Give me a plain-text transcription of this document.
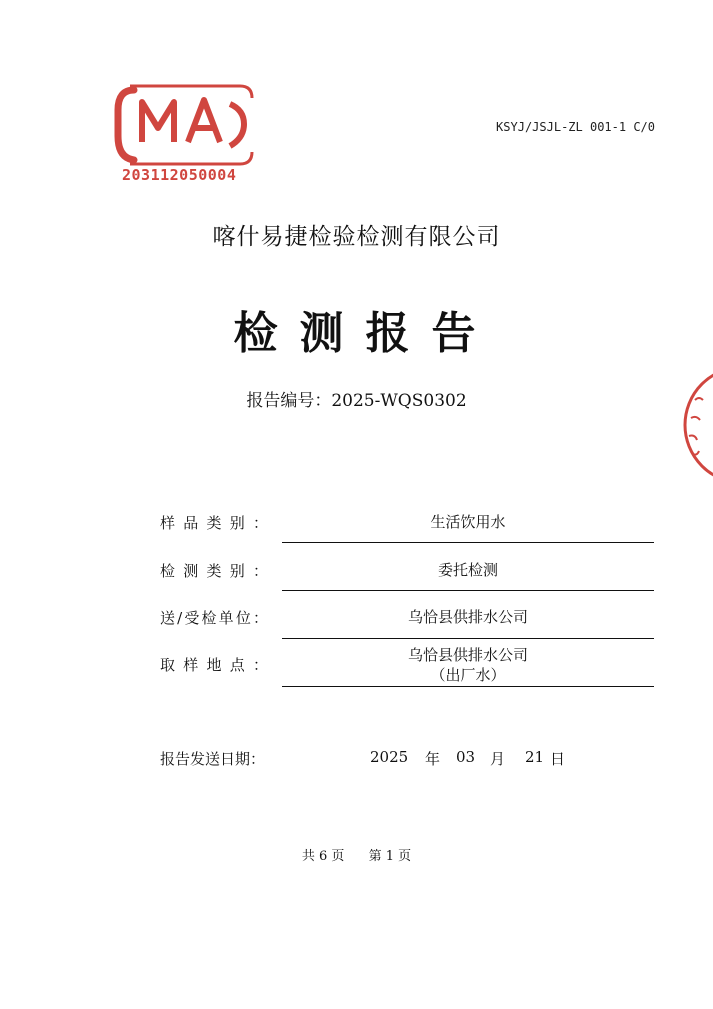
203112050004
KSYJ/JSJL-ZL 001-1 C/0
喀什易捷检验检测有限公司
检测报告
报告编号：2025-WQS0302
样品类别：	生活饮用水
检测类别：	委托检测
送/受检单位：	乌恰县供排水公司
取样地点：
乌恰县供排水公司
（出厂水）
报告发送日期：	2025 年 03 月 21 日
共 6 页 第 1 页
